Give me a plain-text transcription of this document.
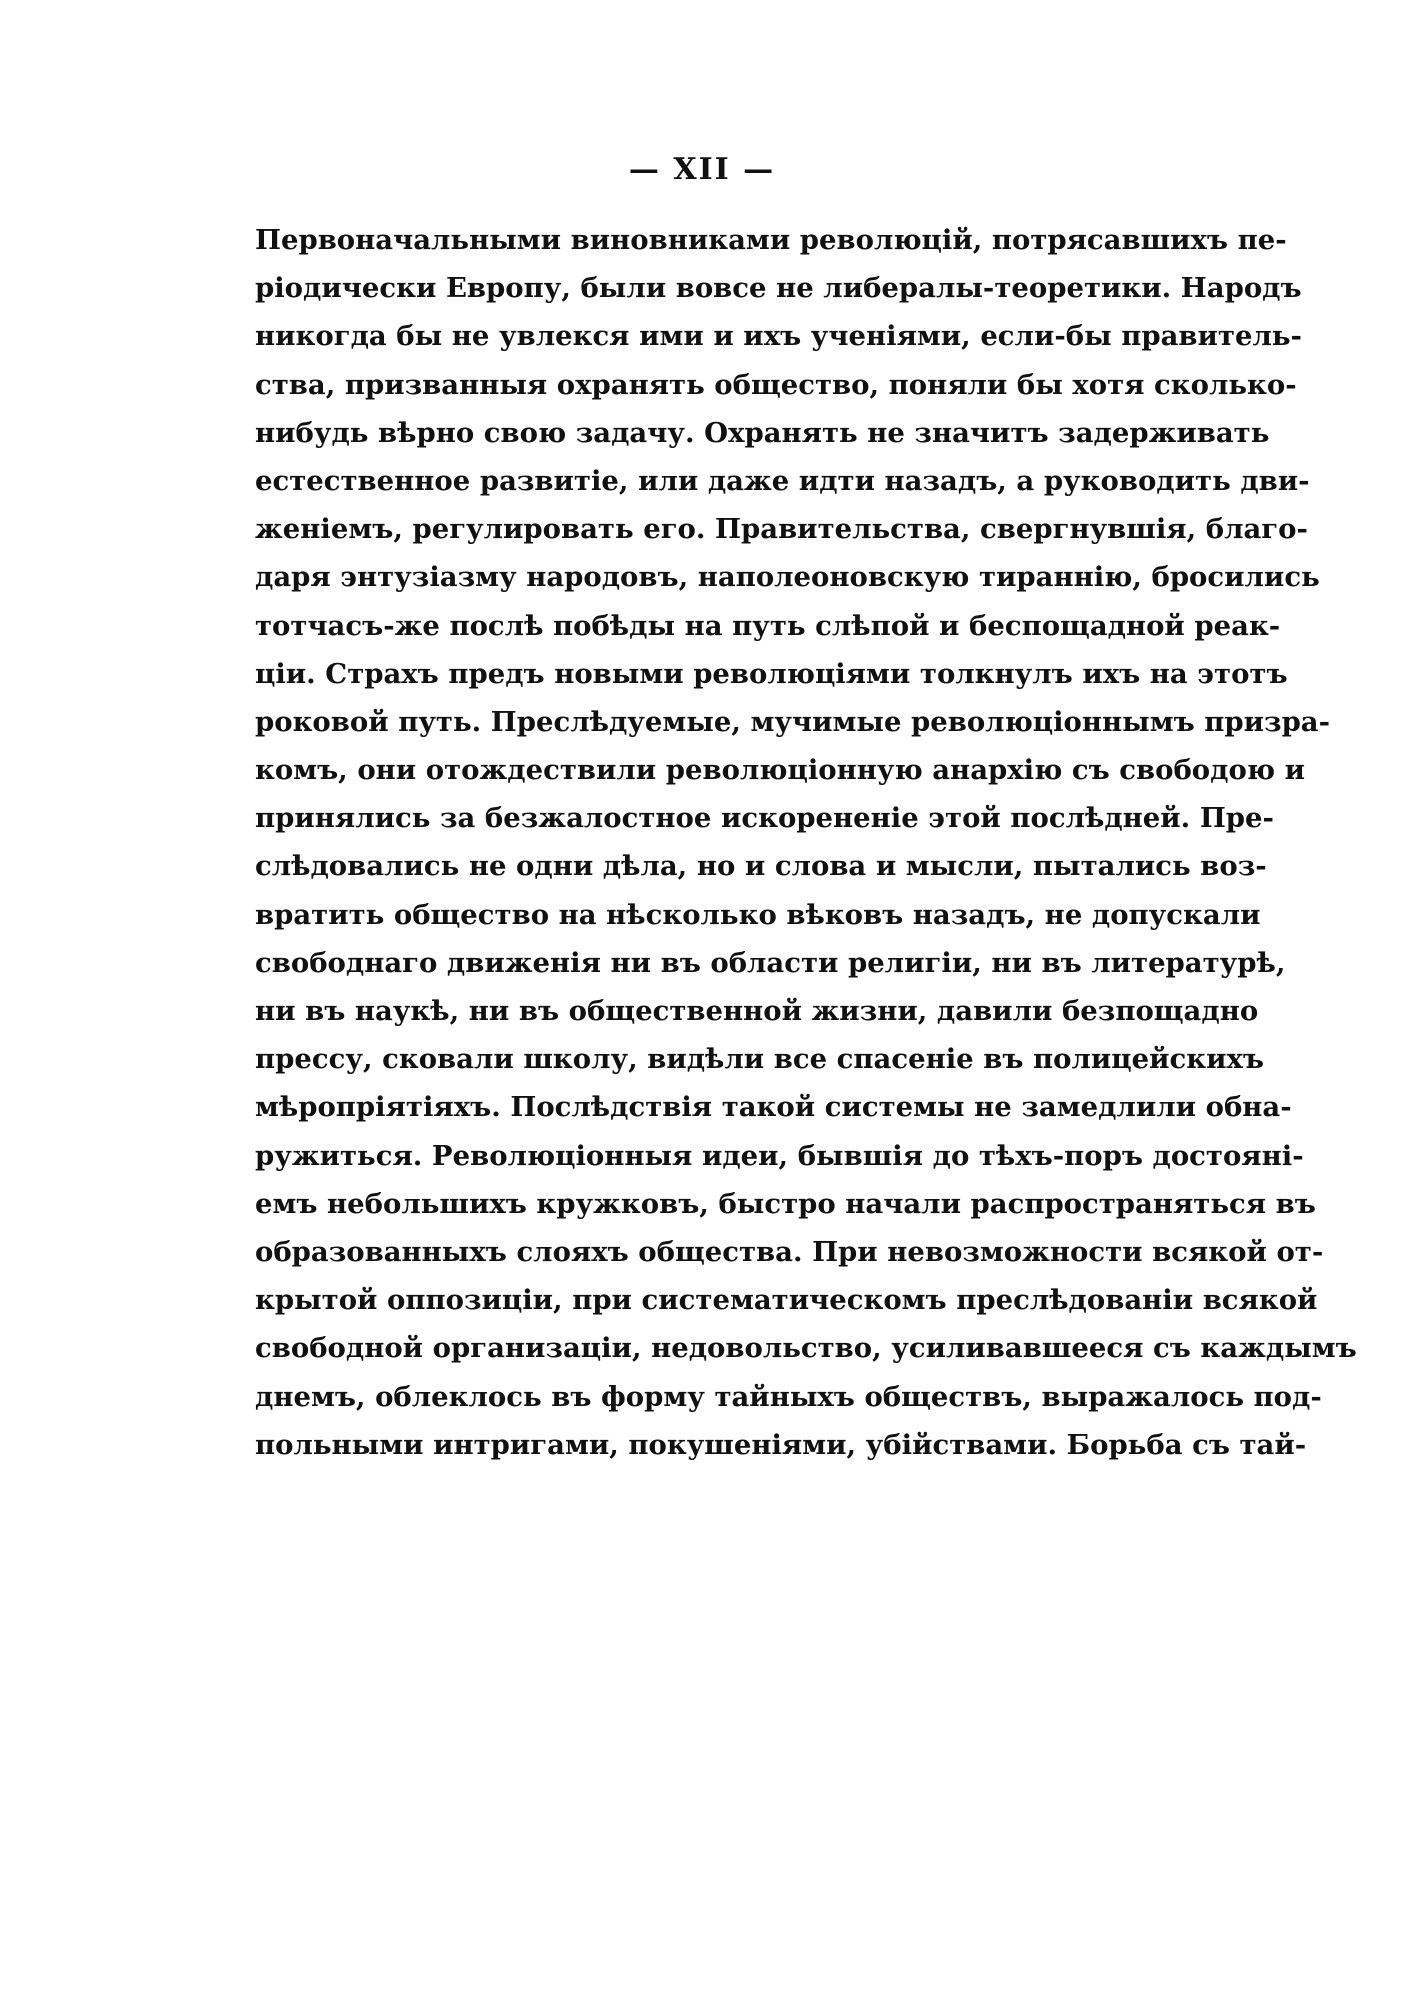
— XII —
Первоначальными виновниками революцій, потрясавшихъ пе-
ріодически Европу, были вовсе не либералы-теоретики. Народъ
никогда бы не увлекся ими и ихъ ученіями, если-бы правитель-
ства, призванныя охранять общество, поняли бы хотя сколько-
нибудь вѣрно свою задачу. Охранять не значитъ задерживать
естественное развитіе, или даже идти назадъ, а руководить дви-
женіемъ, регулировать его. Правительства, свергнувшія, благо-
даря энтузіазму народовъ, наполеоновскую тираннію, бросились
тотчасъ-же послѣ побѣды на путь слѣпой и беспощадной реак-
ціи. Страхъ предъ новыми революціями толкнулъ ихъ на этотъ
роковой путь. Преслѣдуемые, мучимые революціоннымъ призра-
комъ, они отождествили революціонную анархію съ свободою и
принялись за безжалостное искорененіе этой послѣдней. Пре-
слѣдовались не одни дѣла, но и слова и мысли, пытались воз-
вратить общество на нѣсколько вѣковъ назадъ, не допускали
свободнаго движенія ни въ области религіи, ни въ литературѣ,
ни въ наукѣ, ни въ общественной жизни, давили безпощадно
прессу, сковали школу, видѣли все спасеніе въ полицейскихъ
мѣропріятіяхъ. Послѣдствія такой системы не замедлили обна-
ружиться. Революціонныя идеи, бывшія до тѣхъ-поръ достоянi-
емъ небольшихъ кружковъ, быстро начали распространяться въ
образованныхъ слояхъ общества. При невозможности всякой от-
крытой оппозиціи, при систематическомъ преслѣдованіи всякой
свободной организаціи, недовольство, усиливавшееся съ каждымъ
днемъ, облеклось въ форму тайныхъ обществъ, выражалось под-
польными интригами, покушеніями, убійствами. Борьба съ тай-
